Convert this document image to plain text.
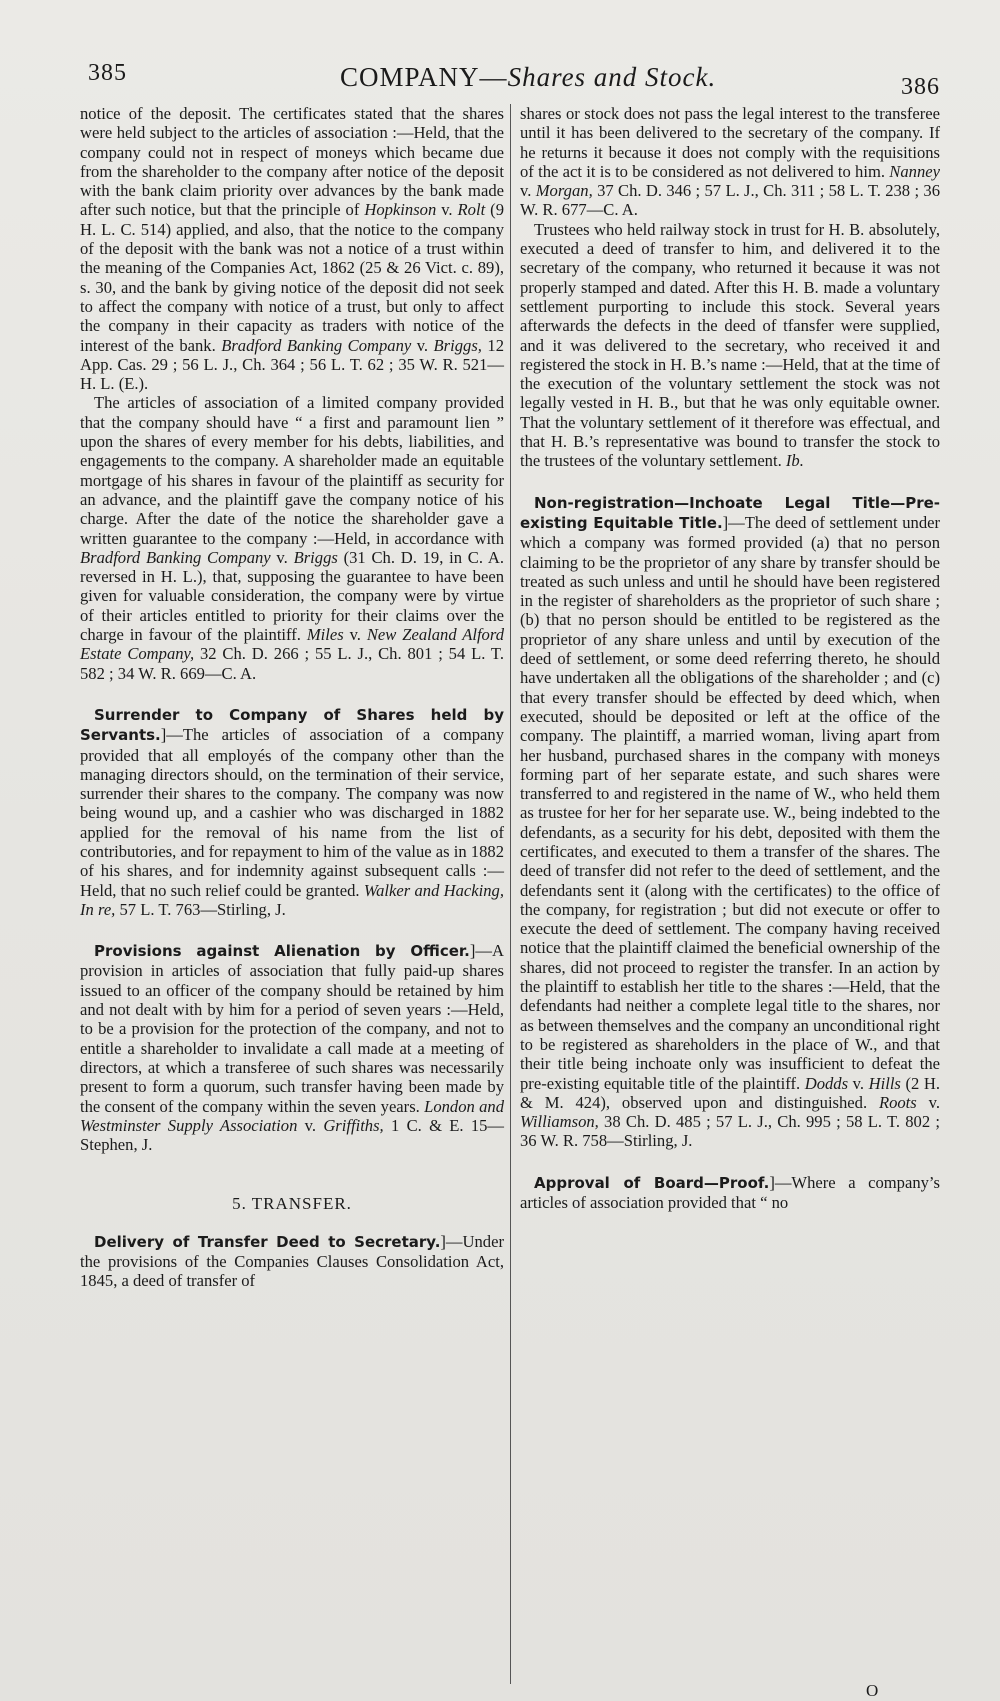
385	COMPANY—Shares and Stock.	386

notice of the deposit. The certificates stated that the shares were held subject to the articles of association :—Held, that the company could not in respect of moneys which became due from the shareholder to the company after notice of the deposit with the bank claim priority over advances by the bank made after such notice, but that the principle of Hopkinson v. Rolt (9 H. L. C. 514) applied, and also, that the notice to the company of the deposit with the bank was not a notice of a trust within the meaning of the Companies Act, 1862 (25 & 26 Vict. c. 89), s. 30, and the bank by giving notice of the deposit did not seek to affect the company with notice of a trust, but only to affect the company in their capacity as traders with notice of the interest of the bank. Bradford Banking Company v. Briggs, 12 App. Cas. 29 ; 56 L. J., Ch. 364 ; 56 L. T. 62 ; 35 W. R. 521—H. L. (E.).

The articles of association of a limited company provided that the company should have “ a first and paramount lien ” upon the shares of every member for his debts, liabilities, and engagements to the company. A shareholder made an equitable mortgage of his shares in favour of the plaintiff as security for an advance, and the plaintiff gave the company notice of his charge. After the date of the notice the shareholder gave a written guarantee to the company :—Held, in accordance with Bradford Banking Company v. Briggs (31 Ch. D. 19, in C. A. reversed in H. L.), that, supposing the guarantee to have been given for valuable consideration, the company were by virtue of their articles entitled to priority for their claims over the charge in favour of the plaintiff. Miles v. New Zealand Alford Estate Company, 32 Ch. D. 266 ; 55 L. J., Ch. 801 ; 54 L. T. 582 ; 34 W. R. 669—C. A.

Surrender to Company of Shares held by Servants.]—The articles of association of a company provided that all employés of the company other than the managing directors should, on the termination of their service, surrender their shares to the company. The company was now being wound up, and a cashier who was discharged in 1882 applied for the removal of his name from the list of contributories, and for repayment to him of the value as in 1882 of his shares, and for indemnity against subsequent calls :—Held, that no such relief could be granted. Walker and Hacking, In re, 57 L. T. 763—Stirling, J.

Provisions against Alienation by Officer.]—A provision in articles of association that fully paid-up shares issued to an officer of the company should be retained by him and not dealt with by him for a period of seven years :—Held, to be a provision for the protection of the company, and not to entitle a shareholder to invalidate a call made at a meeting of directors, at which a transferee of such shares was necessarily present to form a quorum, such transfer having been made by the consent of the company within the seven years. London and Westminster Supply Association v. Griffiths, 1 C. & E. 15—Stephen, J.

5. TRANSFER.

Delivery of Transfer Deed to Secretary.]—Under the provisions of the Companies Clauses Consolidation Act, 1845, a deed of transfer of

shares or stock does not pass the legal interest to the transferee until it has been delivered to the secretary of the company. If he returns it because it does not comply with the requisitions of the act it is to be considered as not delivered to him. Nanney v. Morgan, 37 Ch. D. 346 ; 57 L. J., Ch. 311 ; 58 L. T. 238 ; 36 W. R. 677—C. A.

Trustees who held railway stock in trust for H. B. absolutely, executed a deed of transfer to him, and delivered it to the secretary of the company, who returned it because it was not properly stamped and dated. After this H. B. made a voluntary settlement purporting to include this stock. Several years afterwards the defects in the deed of tfansfer were supplied, and it was delivered to the secretary, who received it and registered the stock in H. B.’s name :—Held, that at the time of the execution of the voluntary settlement the stock was not legally vested in H. B., but that he was only equitable owner. That the voluntary settlement of it therefore was effectual, and that H. B.’s representative was bound to transfer the stock to the trustees of the voluntary settlement. Ib.

Non-registration—Inchoate Legal Title—Pre-existing Equitable Title.]—The deed of settlement under which a company was formed provided (a) that no person claiming to be the proprietor of any share by transfer should be treated as such unless and until he should have been registered in the register of shareholders as the proprietor of such share ; (b) that no person should be entitled to be registered as the proprietor of any share unless and until by execution of the deed of settlement, or some deed referring thereto, he should have undertaken all the obligations of the shareholder ; and (c) that every transfer should be effected by deed which, when executed, should be deposited or left at the office of the company. The plaintiff, a married woman, living apart from her husband, purchased shares in the company with moneys forming part of her separate estate, and such shares were transferred to and registered in the name of W., who held them as trustee for her for her separate use. W., being indebted to the defendants, as a security for his debt, deposited with them the certificates, and executed to them a transfer of the shares. The deed of transfer did not refer to the deed of settlement, and the defendants sent it (along with the certificates) to the office of the company, for registration ; but did not execute or offer to execute the deed of settlement. The company having received notice that the plaintiff claimed the beneficial ownership of the shares, did not proceed to register the transfer. In an action by the plaintiff to establish her title to the shares :—Held, that the defendants had neither a complete legal title to the shares, nor as between themselves and the company an unconditional right to be registered as shareholders in the place of W., and that their title being inchoate only was insufficient to defeat the pre-existing equitable title of the plaintiff. Dodds v. Hills (2 H. & M. 424), observed upon and distinguished. Roots v. Williamson, 38 Ch. D. 485 ; 57 L. J., Ch. 995 ; 58 L. T. 802 ; 36 W. R. 758—Stirling, J.

Approval of Board—Proof.]—Where a company’s articles of association provided that “ no

O
